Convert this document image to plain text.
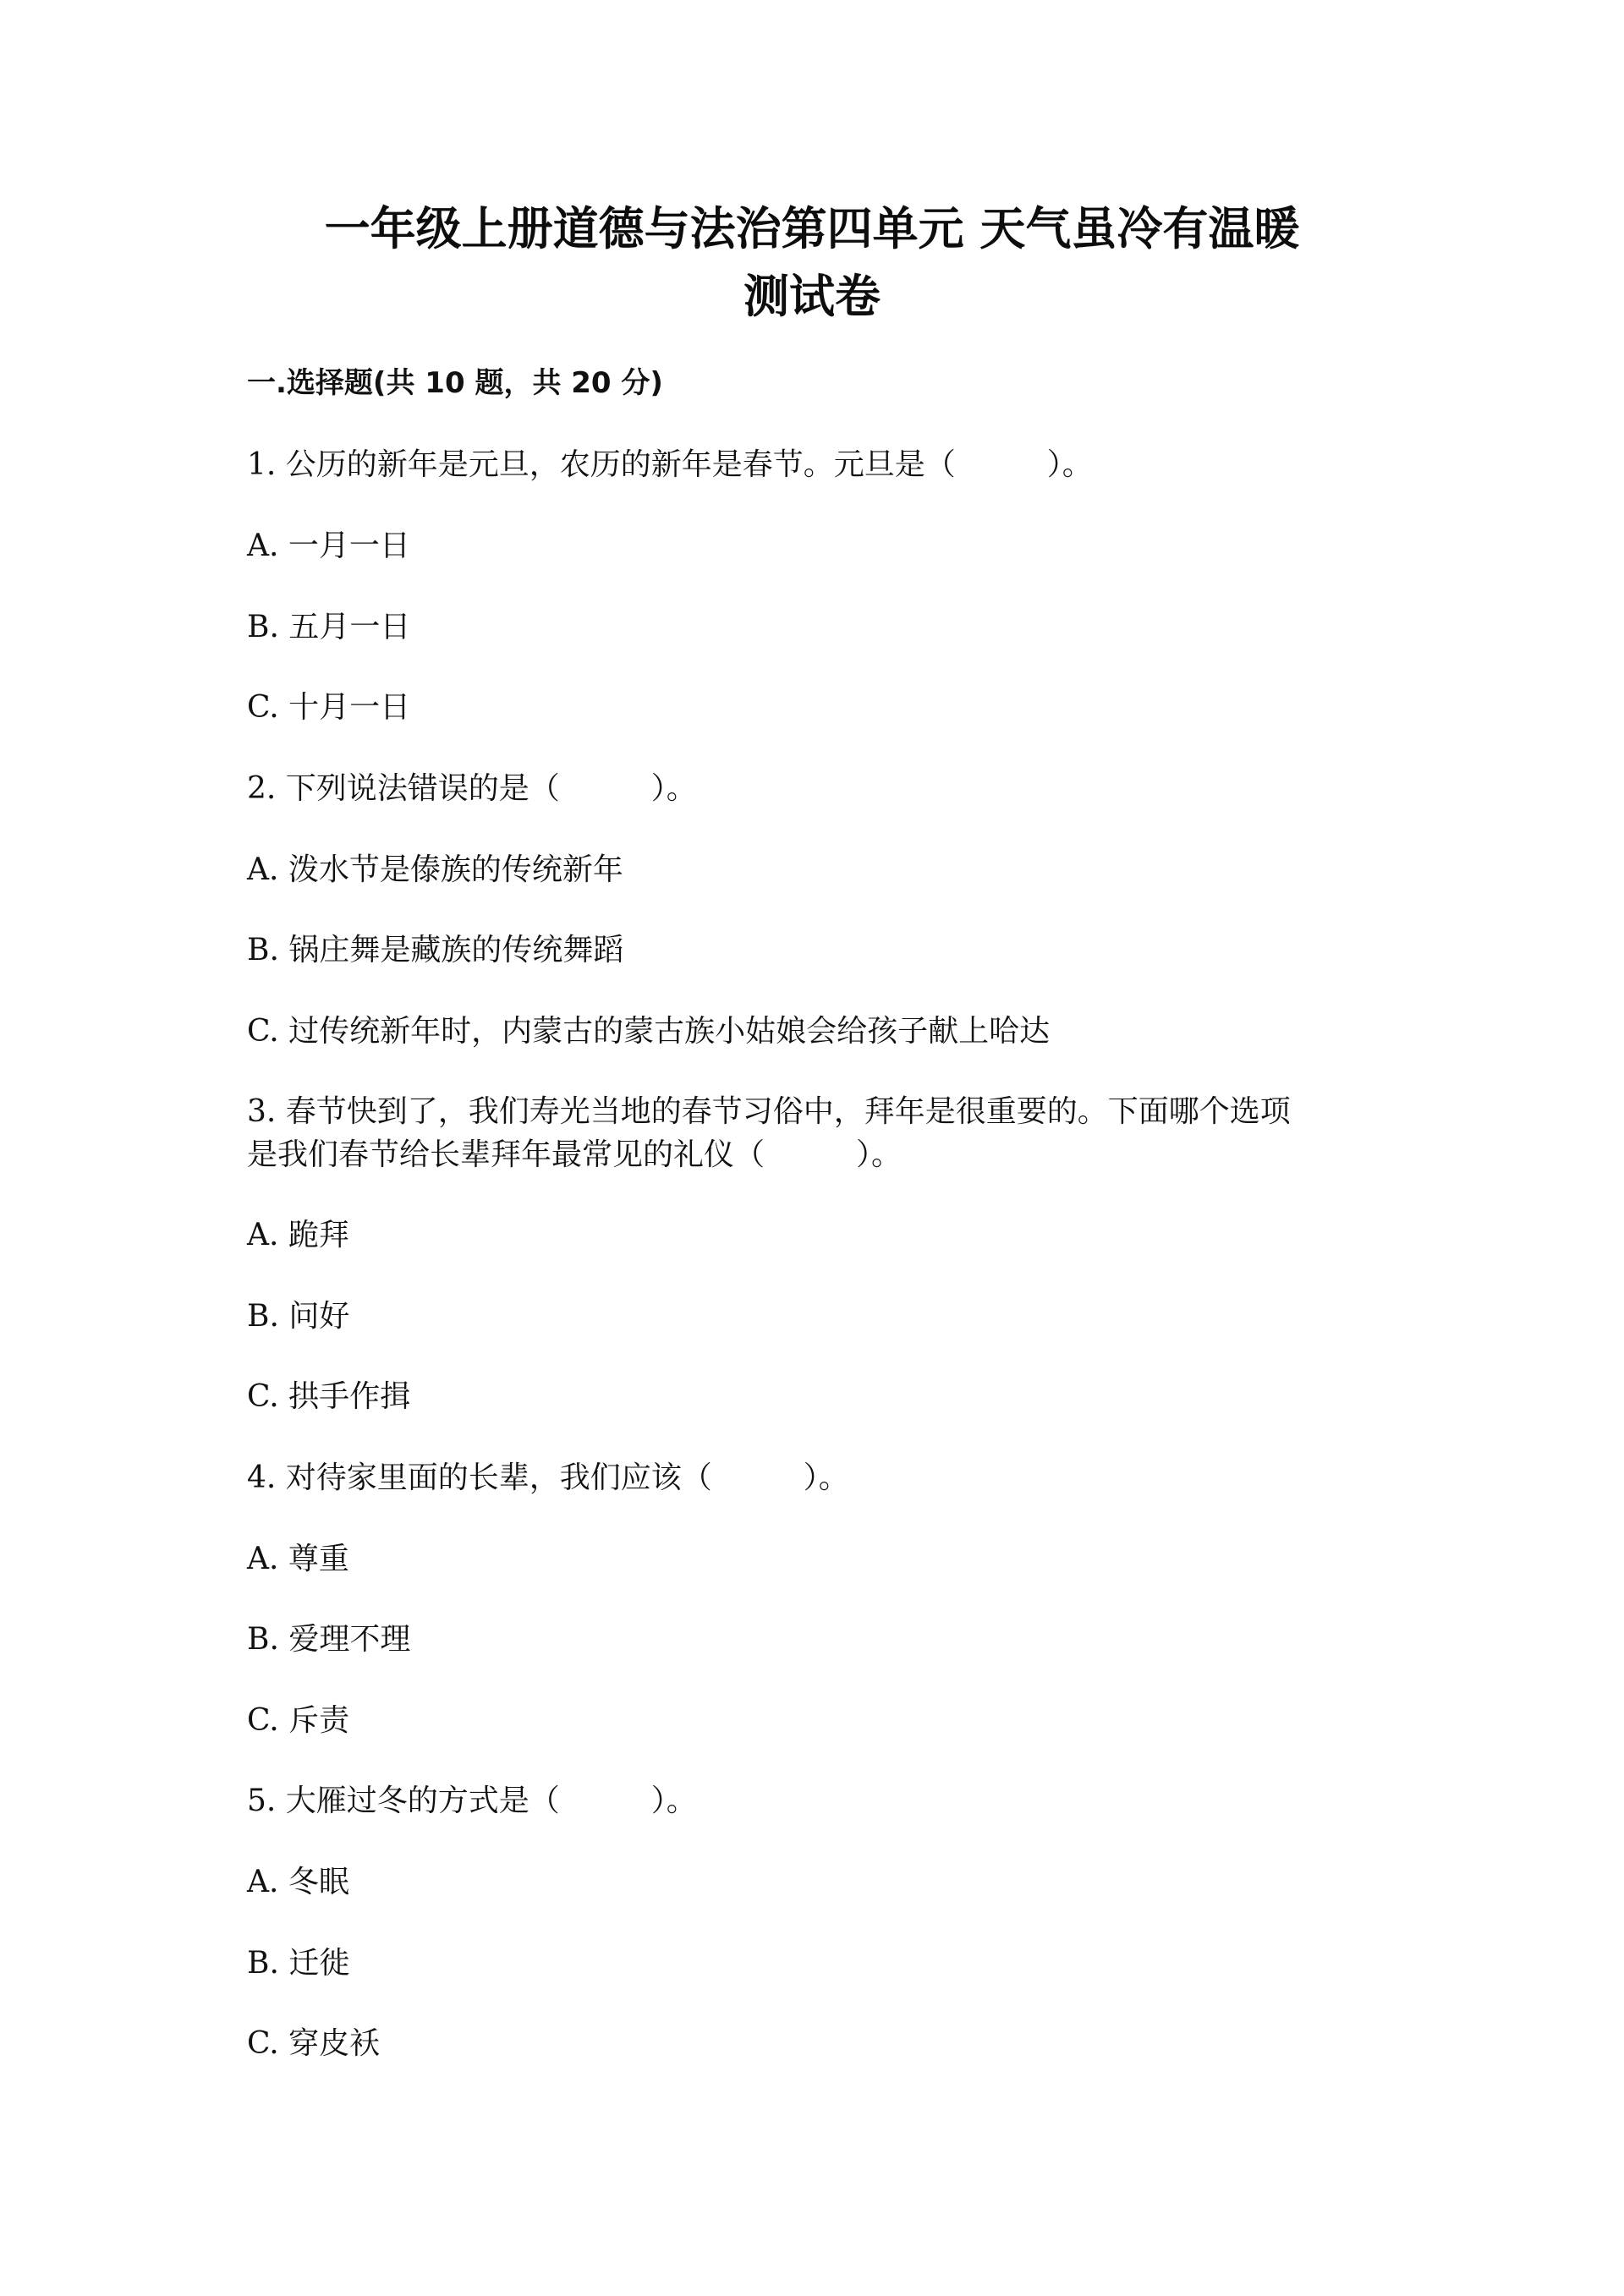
一年级上册道德与法治第四单元 天气虽冷有温暖
测试卷
一.选择题(共 10 题，共 20 分)

1. 公历的新年是元旦，农历的新年是春节。元旦是（　　　）。

A. 一月一日

B. 五月一日

C. 十月一日

2. 下列说法错误的是（　　　）。

A. 泼水节是傣族的传统新年

B. 锅庄舞是藏族的传统舞蹈

C. 过传统新年时，内蒙古的蒙古族小姑娘会给孩子献上哈达

3. 春节快到了，我们寿光当地的春节习俗中，拜年是很重要的。下面哪个选项

是我们春节给长辈拜年最常见的礼仪（　　　）。

A. 跪拜

B. 问好

C. 拱手作揖

4. 对待家里面的长辈，我们应该（　　　）。

A. 尊重

B. 爱理不理

C. 斥责

5. 大雁过冬的方式是（　　　）。

A. 冬眠

B. 迁徙

C. 穿皮袄
